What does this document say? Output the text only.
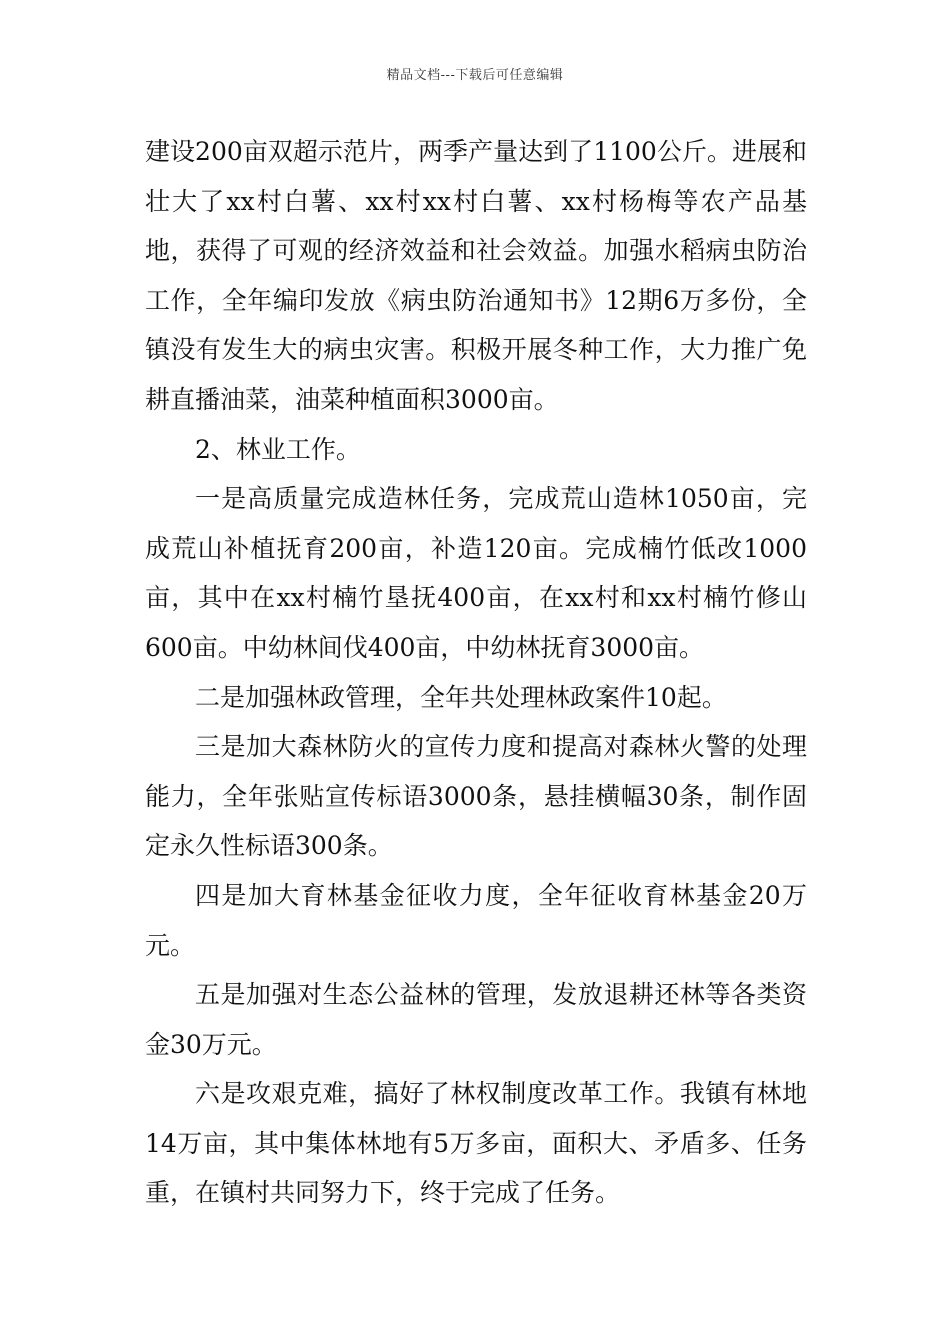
精品文档---下载后可任意编辑

建设200亩双超示范片，两季产量达到了1100公斤。进展和壮大了xx村白薯、xx村xx村白薯、xx村杨梅等农产品基地，获得了可观的经济效益和社会效益。加强水稻病虫防治工作，全年编印发放《病虫防治通知书》12期6万多份，全镇没有发生大的病虫灾害。积极开展冬种工作，大力推广免耕直播油菜，油菜种植面积3000亩。

2、林业工作。

一是高质量完成造林任务，完成荒山造林1050亩，完成荒山补植抚育200亩，补造120亩。完成楠竹低改1000亩，其中在xx村楠竹垦抚400亩，在xx村和xx村楠竹修山600亩。中幼林间伐400亩，中幼林抚育3000亩。

二是加强林政管理，全年共处理林政案件10起。

三是加大森林防火的宣传力度和提高对森林火警的处理能力，全年张贴宣传标语3000条，悬挂横幅30条，制作固定永久性标语300条。

四是加大育林基金征收力度，全年征收育林基金20万元。

五是加强对生态公益林的管理，发放退耕还林等各类资金30万元。

六是攻艰克难，搞好了林权制度改革工作。我镇有林地14万亩，其中集体林地有5万多亩，面积大、矛盾多、任务重，在镇村共同努力下，终于完成了任务。
